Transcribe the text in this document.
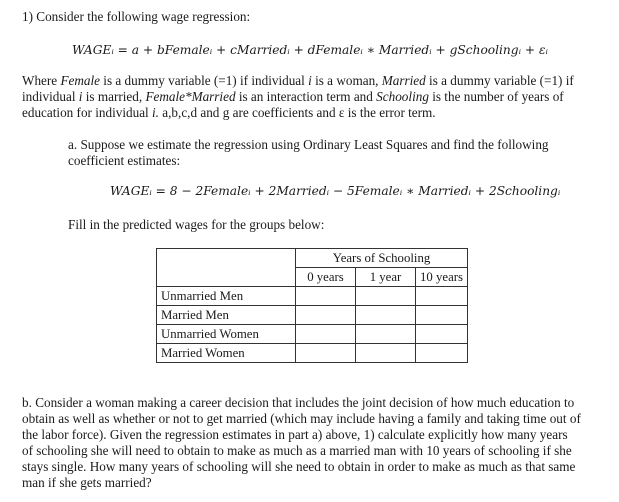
1) Consider the following wage regression:
WAGEᵢ = a + bFemaleᵢ + cMarriedᵢ + dFemaleᵢ ∗ Marriedᵢ + gSchoolingᵢ + εᵢ
Where Female is a dummy variable (=1) if individual i is a woman, Married is a dummy variable (=1) if
individual i is married, Female*Married is an interaction term and Schooling is the number of years of
education for individual i. a,b,c,d and g are coefficients and ε is the error term.
a. Suppose we estimate the regression using Ordinary Least Squares and find the following
coefficient estimates:
WAGEᵢ = 8 − 2Femaleᵢ + 2Marriedᵢ − 5Femaleᵢ ∗ Marriedᵢ + 2Schoolingᵢ
Fill in the predicted wages for the groups below:
	Years of Schooling		
	0 years	1 year	10 years
Unmarried Men			
Married Men			
Unmarried Women			
Married Women			
b. Consider a woman making a career decision that includes the joint decision of how much education to
obtain as well as whether or not to get married (which may include having a family and taking time out of
the labor force). Given the regression estimates in part a) above, 1) calculate explicitly how many years
of schooling she will need to obtain to make as much as a married man with 10 years of schooling if she
stays single. How many years of schooling will she need to obtain in order to make as much as that same
man if she gets married?
